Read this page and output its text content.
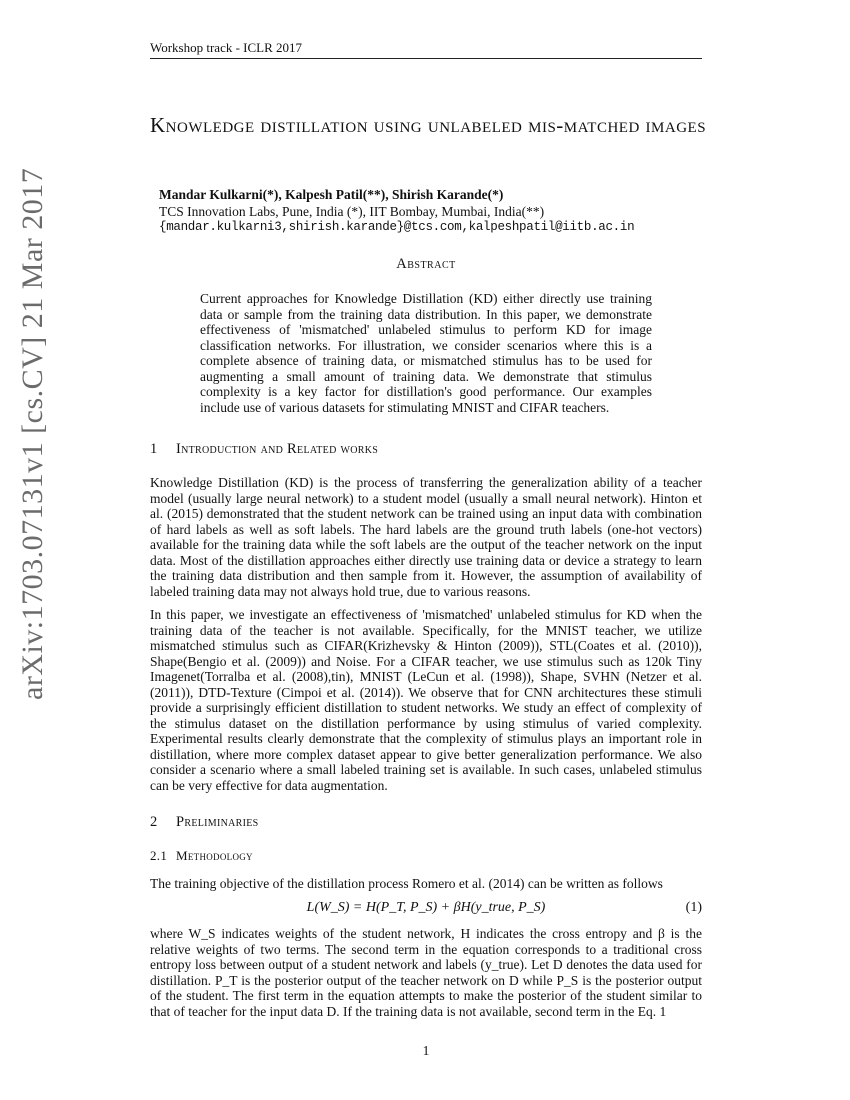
Workshop track - ICLR 2017
arXiv:1703.07131v1 [cs.CV] 21 Mar 2017
Knowledge distillation using unlabeled mis-matched images
Mandar Kulkarni(*), Kalpesh Patil(**), Shirish Karande(*)
TCS Innovation Labs, Pune, India (*), IIT Bombay, Mumbai, India(**)
{mandar.kulkarni3,shirish.karande}@tcs.com,kalpeshpatil@iitb.ac.in
Abstract
Current approaches for Knowledge Distillation (KD) either directly use training data or sample from the training data distribution. In this paper, we demonstrate effectiveness of 'mismatched' unlabeled stimulus to perform KD for image classification networks. For illustration, we consider scenarios where this is a complete absence of training data, or mismatched stimulus has to be used for augmenting a small amount of training data. We demonstrate that stimulus complexity is a key factor for distillation's good performance. Our examples include use of various datasets for stimulating MNIST and CIFAR teachers.
1 Introduction and Related works
Knowledge Distillation (KD) is the process of transferring the generalization ability of a teacher model (usually large neural network) to a student model (usually a small neural network). Hinton et al. (2015) demonstrated that the student network can be trained using an input data with combination of hard labels as well as soft labels. The hard labels are the ground truth labels (one-hot vectors) available for the training data while the soft labels are the output of the teacher network on the input data. Most of the distillation approaches either directly use training data or device a strategy to learn the training data distribution and then sample from it. However, the assumption of availability of labeled training data may not always hold true, due to various reasons.
In this paper, we investigate an effectiveness of 'mismatched' unlabeled stimulus for KD when the training data of the teacher is not available. Specifically, for the MNIST teacher, we utilize mismatched stimulus such as CIFAR(Krizhevsky & Hinton (2009)), STL(Coates et al. (2010)), Shape(Bengio et al. (2009)) and Noise. For a CIFAR teacher, we use stimulus such as 120k Tiny Imagenet(Torralba et al. (2008),tin), MNIST (LeCun et al. (1998)), Shape, SVHN (Netzer et al. (2011)), DTD-Texture (Cimpoi et al. (2014)). We observe that for CNN architectures these stimuli provide a surprisingly efficient distillation to student networks. We study an effect of complexity of the stimulus dataset on the distillation performance by using stimulus of varied complexity. Experimental results clearly demonstrate that the complexity of stimulus plays an important role in distillation, where more complex dataset appear to give better generalization performance. We also consider a scenario where a small labeled training set is available. In such cases, unlabeled stimulus can be very effective for data augmentation.
2 Preliminaries
2.1 Methodology
The training objective of the distillation process Romero et al. (2014) can be written as follows
L(W_S) = H(P_T, P_S) + βH(y_true, P_S)	(1)
where W_S indicates weights of the student network, H indicates the cross entropy and β is the relative weights of two terms. The second term in the equation corresponds to a traditional cross entropy loss between output of a student network and labels (y_true). Let D denotes the data used for distillation. P_T is the posterior output of the teacher network on D while P_S is the posterior output of the student. The first term in the equation attempts to make the posterior of the student similar to that of teacher for the input data D. If the training data is not available, second term in the Eq. 1
1
